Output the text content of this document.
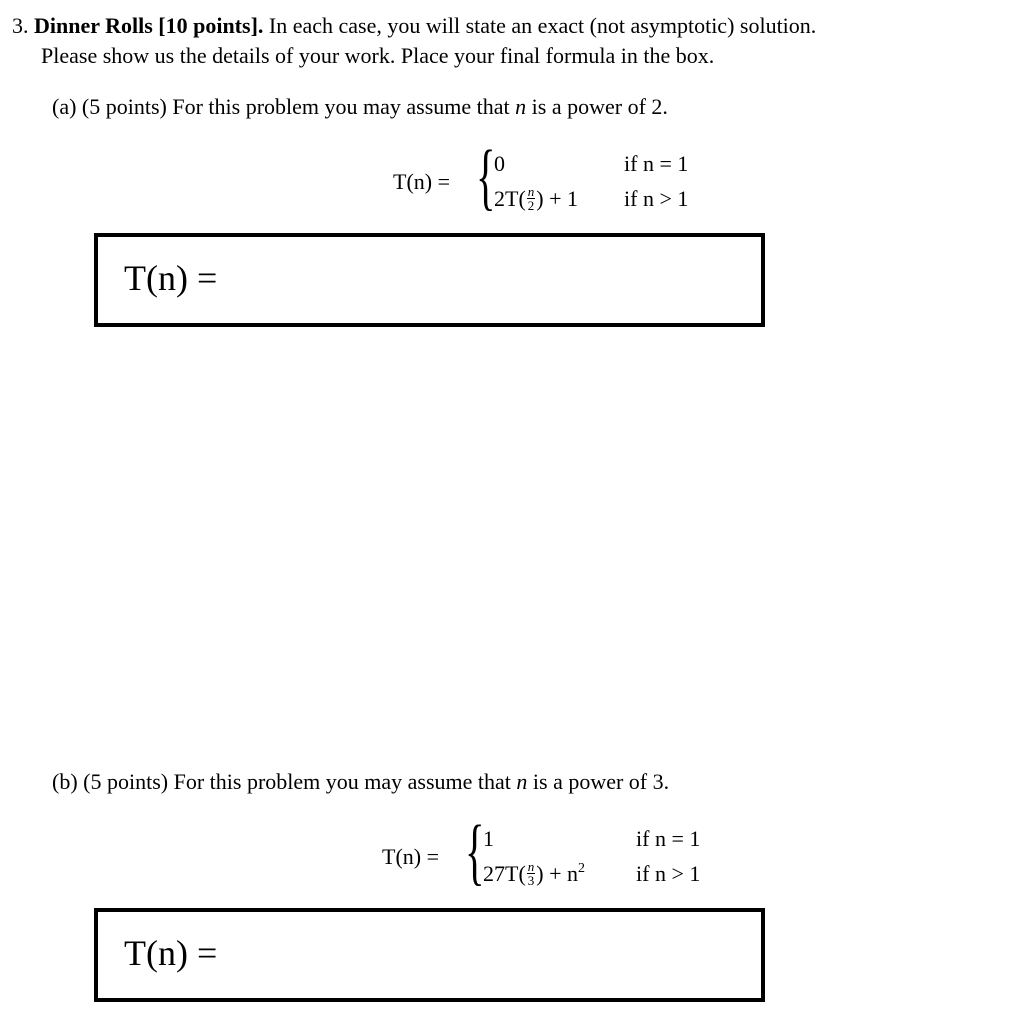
3. Dinner Rolls [10 points]. In each case, you will state an exact (not asymptotic) solution.
Please show us the details of your work. Place your final formula in the box.
(a) (5 points) For this problem you may assume that n is a power of 2.
T(n) = {
0	if n = 1
$2T( \frac{n}{2}$ ) + 1 if n > 1
T(n) =
(b) (5 points) For this problem you may assume that n is a power of 3.
T(n) = {
1	if n = 1
$27T( \frac{n}{3}$ ) + $n^2$ if n > 1
T(n) =
